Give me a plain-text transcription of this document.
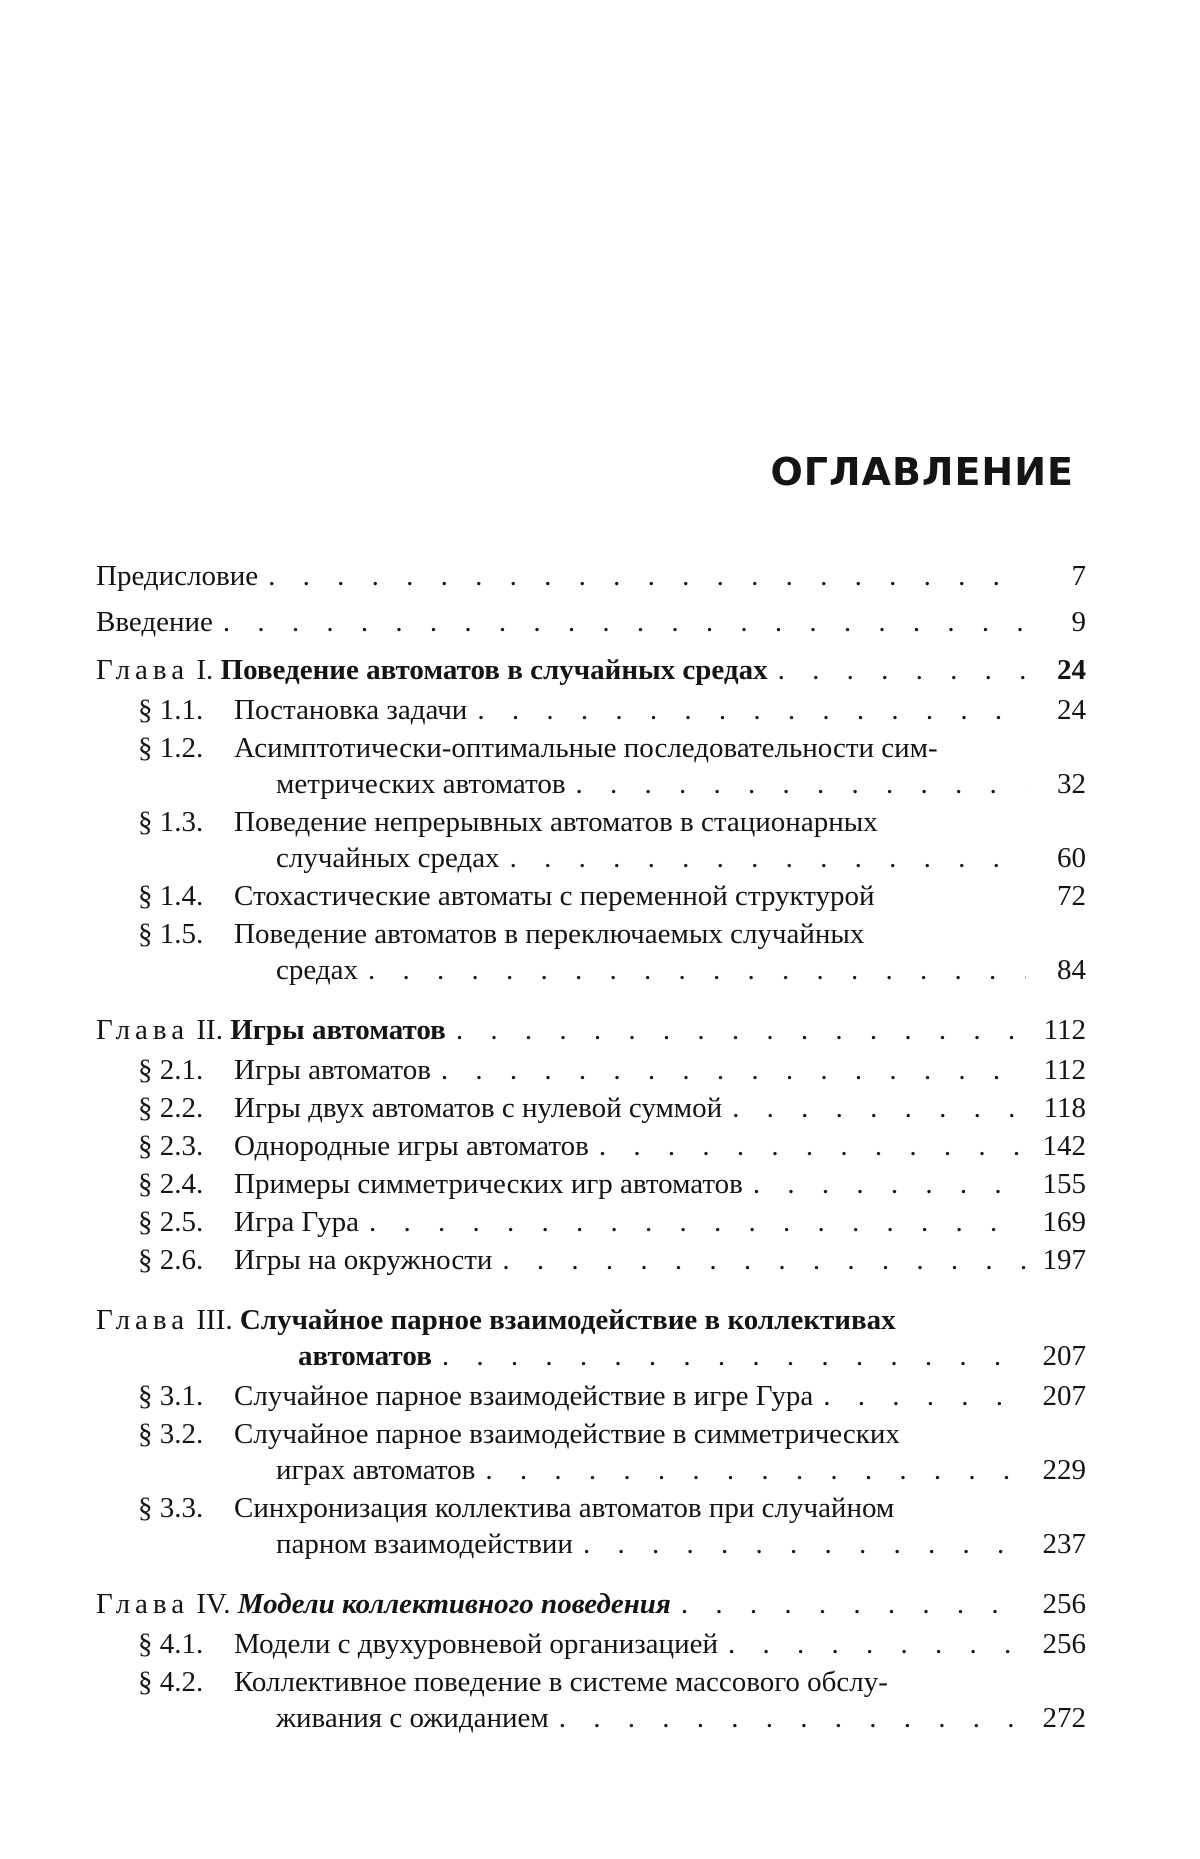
ОГЛАВЛЕНИЕ
Предисловие . . .	7
Введение . . .	9
Глава I. Поведение автоматов в случайных средах . . .	24
§ 1.1.	Постановка задачи . . .	24
§ 1.2.	Асимптотически-оптимальные последовательности сим-
метрических автоматов . . .	32
§ 1.3.	Поведение непрерывных автоматов в стационарных
случайных средах . . .	60
§ 1.4.	Стохастические автоматы с переменной структурой	72
§ 1.5.	Поведение автоматов в переключаемых случайных
средах . . .	84
Глава II. Игры автоматов . . .	112
§ 2.1.	Игры автоматов . . .	112
§ 2.2.	Игры двух автоматов с нулевой суммой . . .	118
§ 2.3.	Однородные игры автоматов . . .	142
§ 2.4.	Примеры симметрических игр автоматов . . .	155
§ 2.5.	Игра Гура . . .	169
§ 2.6.	Игры на окружности . . .	197
Глава III. Случайное парное взаимодействие в коллективах
автоматов . . .	207
§ 3.1.	Случайное парное взаимодействие в игре Гура . . .	207
§ 3.2.	Случайное парное взаимодействие в симметрических
играх автоматов . . .	229
§ 3.3.	Синхронизация коллектива автоматов при случайном
парном взаимодействии . . .	237
Глава IV. Модели коллективного поведения . . .	256
§ 4.1.	Модели с двухуровневой организацией . . .	256
§ 4.2.	Коллективное поведение в системе массового обслу-
живания с ожиданием . . .	272
